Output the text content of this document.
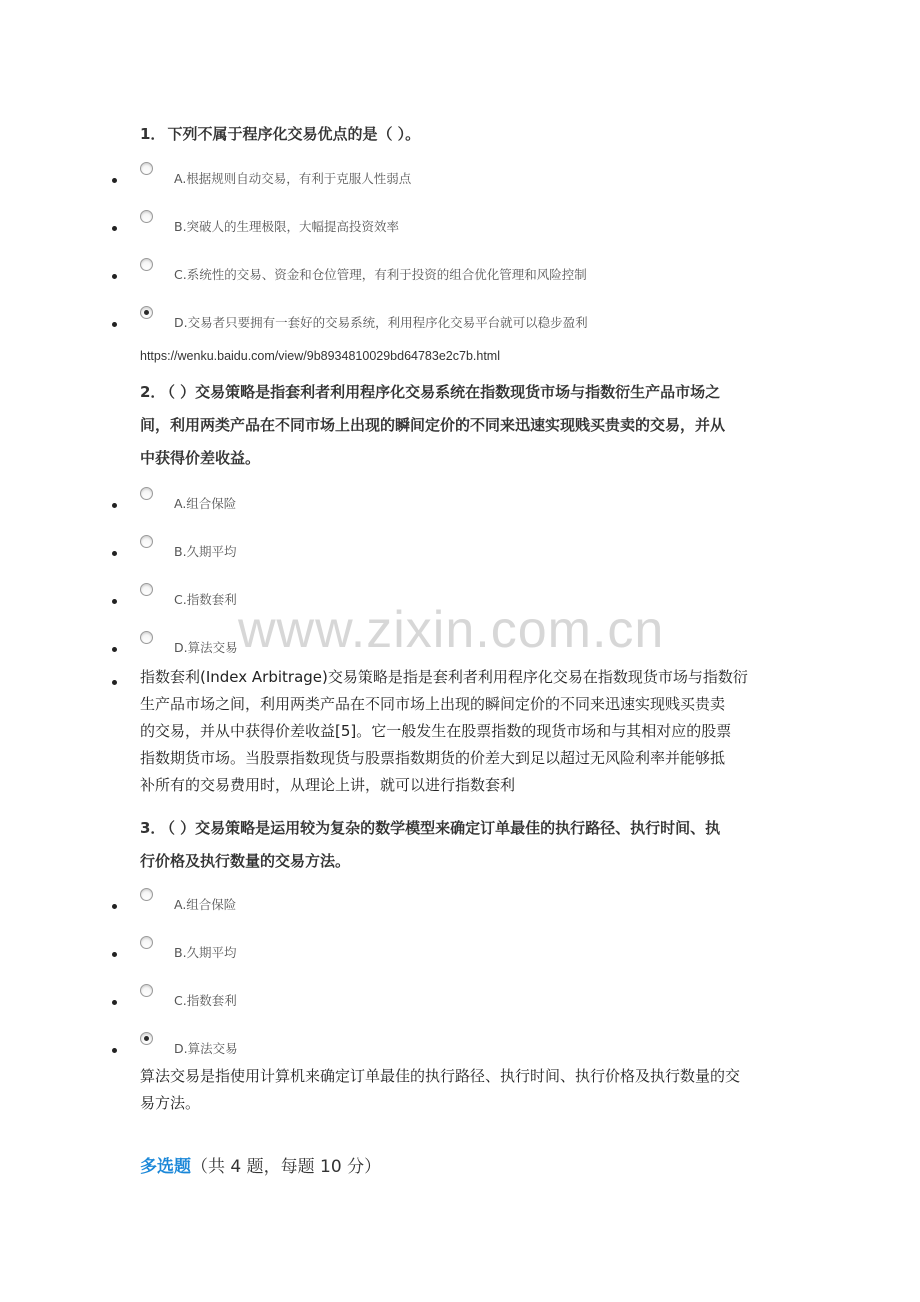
1． 下列不属于程序化交易优点的是（ ）。
A.根据规则自动交易，有利于克服人性弱点
B.突破人的生理极限，大幅提高投资效率
C.系统性的交易、资金和仓位管理，有利于投资的组合优化管理和风险控制
D.交易者只要拥有一套好的交易系统，利用程序化交易平台就可以稳步盈利
https://wenku.baidu.com/view/9b8934810029bd64783e2c7b.html
2． （ ）交易策略是指套利者利用程序化交易系统在指数现货市场与指数衍生产品市场之
间，利用两类产品在不同市场上出现的瞬间定价的不同来迅速实现贱买贵卖的交易，并从
中获得价差收益。
A.组合保险
B.久期平均
C.指数套利
D.算法交易
指数套利(Index Arbitrage)交易策略是指是套利者利用程序化交易在指数现货市场与指数衍
生产品市场之间，利用两类产品在不同市场上出现的瞬间定价的不同来迅速实现贱买贵卖
的交易，并从中获得价差收益[5]。它一般发生在股票指数的现货市场和与其相对应的股票
指数期货市场。当股票指数现货与股票指数期货的价差大到足以超过无风险利率并能够抵
补所有的交易费用时，从理论上讲，就可以进行指数套利
3． （ ）交易策略是运用较为复杂的数学模型来确定订单最佳的执行路径、执行时间、执
行价格及执行数量的交易方法。
A.组合保险
B.久期平均
C.指数套利
D.算法交易
算法交易是指使用计算机来确定订单最佳的执行路径、执行时间、执行价格及执行数量的交
易方法。
多选题（共 4 题，每题 10 分）
www.zixin.com.cn
